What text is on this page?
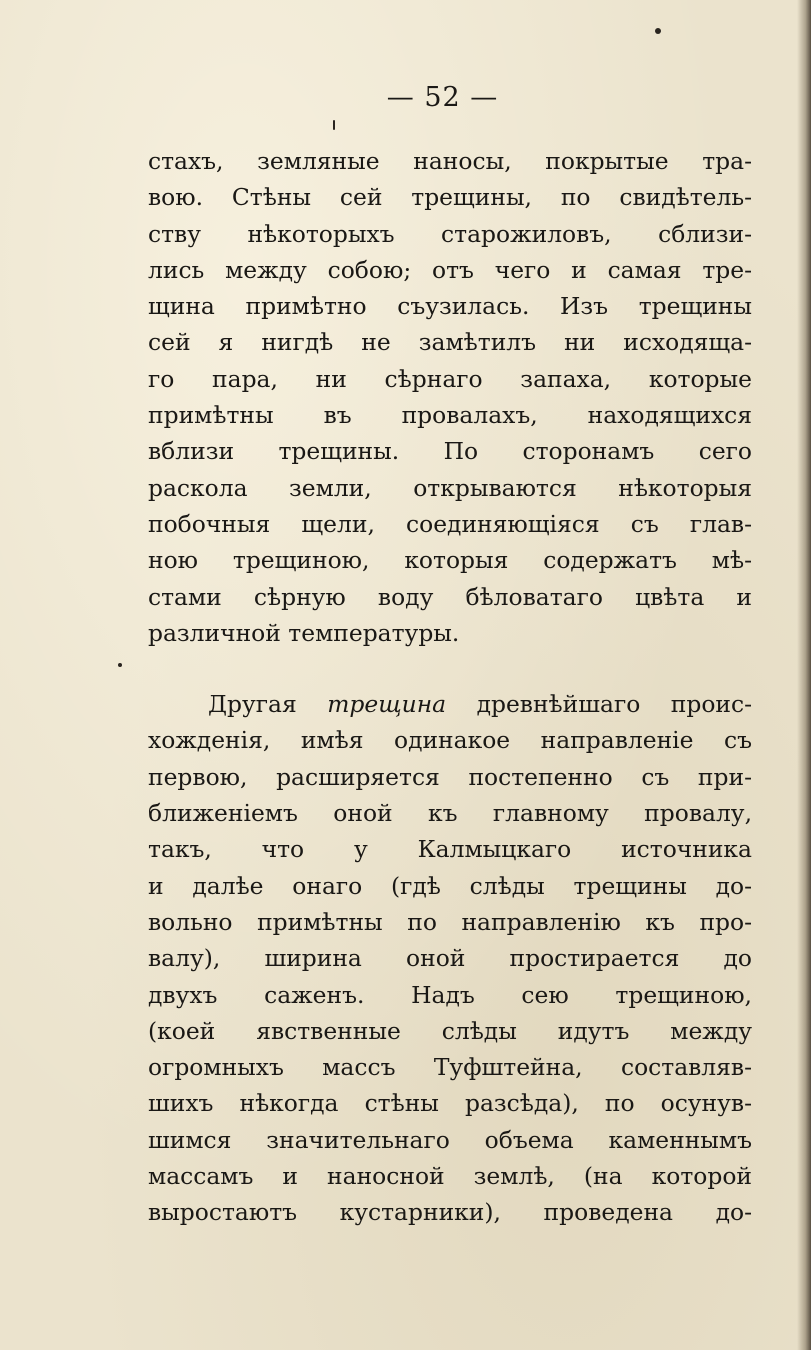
— 52 —
стахъ, земляные наносы, покрытые тра-
вою. Стѣны сей трещины, по свидѣтель-
ству нѣкоторыхъ старожиловъ, сблизи-
лись между собою; отъ чего и самая тре-
щина примѣтно съузилась. Изъ трещины
сей я нигдѣ не замѣтилъ ни исходяща-
го пара, ни сѣрнаго запаха, которые
примѣтны въ провалахъ, находящихся
вблизи трещины. По сторонамъ сего
раскола земли, открываются нѣкоторыя
побочныя щели, соединяющіяся съ глав-
ною трещиною, которыя содержатъ мѣ-
стами сѣрную воду бѣловатаго цвѣта и
различной температуры.
Другая трещина древнѣйшаго проис-
хожденія, имѣя одинакое направленіе съ
первою, расширяется постепенно съ при-
ближеніемъ оной къ главному провалу,
такъ, что у Калмыцкаго источника
и далѣе онаго (гдѣ слѣды трещины до-
вольно примѣтны по направленію къ про-
валу), ширина оной простирается до
двухъ саженъ. Надъ сею трещиною,
(коей явственные слѣды идутъ между
огромныхъ массъ Туфштейна, составляв-
шихъ нѣкогда стѣны разсѣда), по осунув-
шимся значительнаго объема каменнымъ
массамъ и наносной землѣ, (на которой
выростаютъ кустарники), проведена до-
